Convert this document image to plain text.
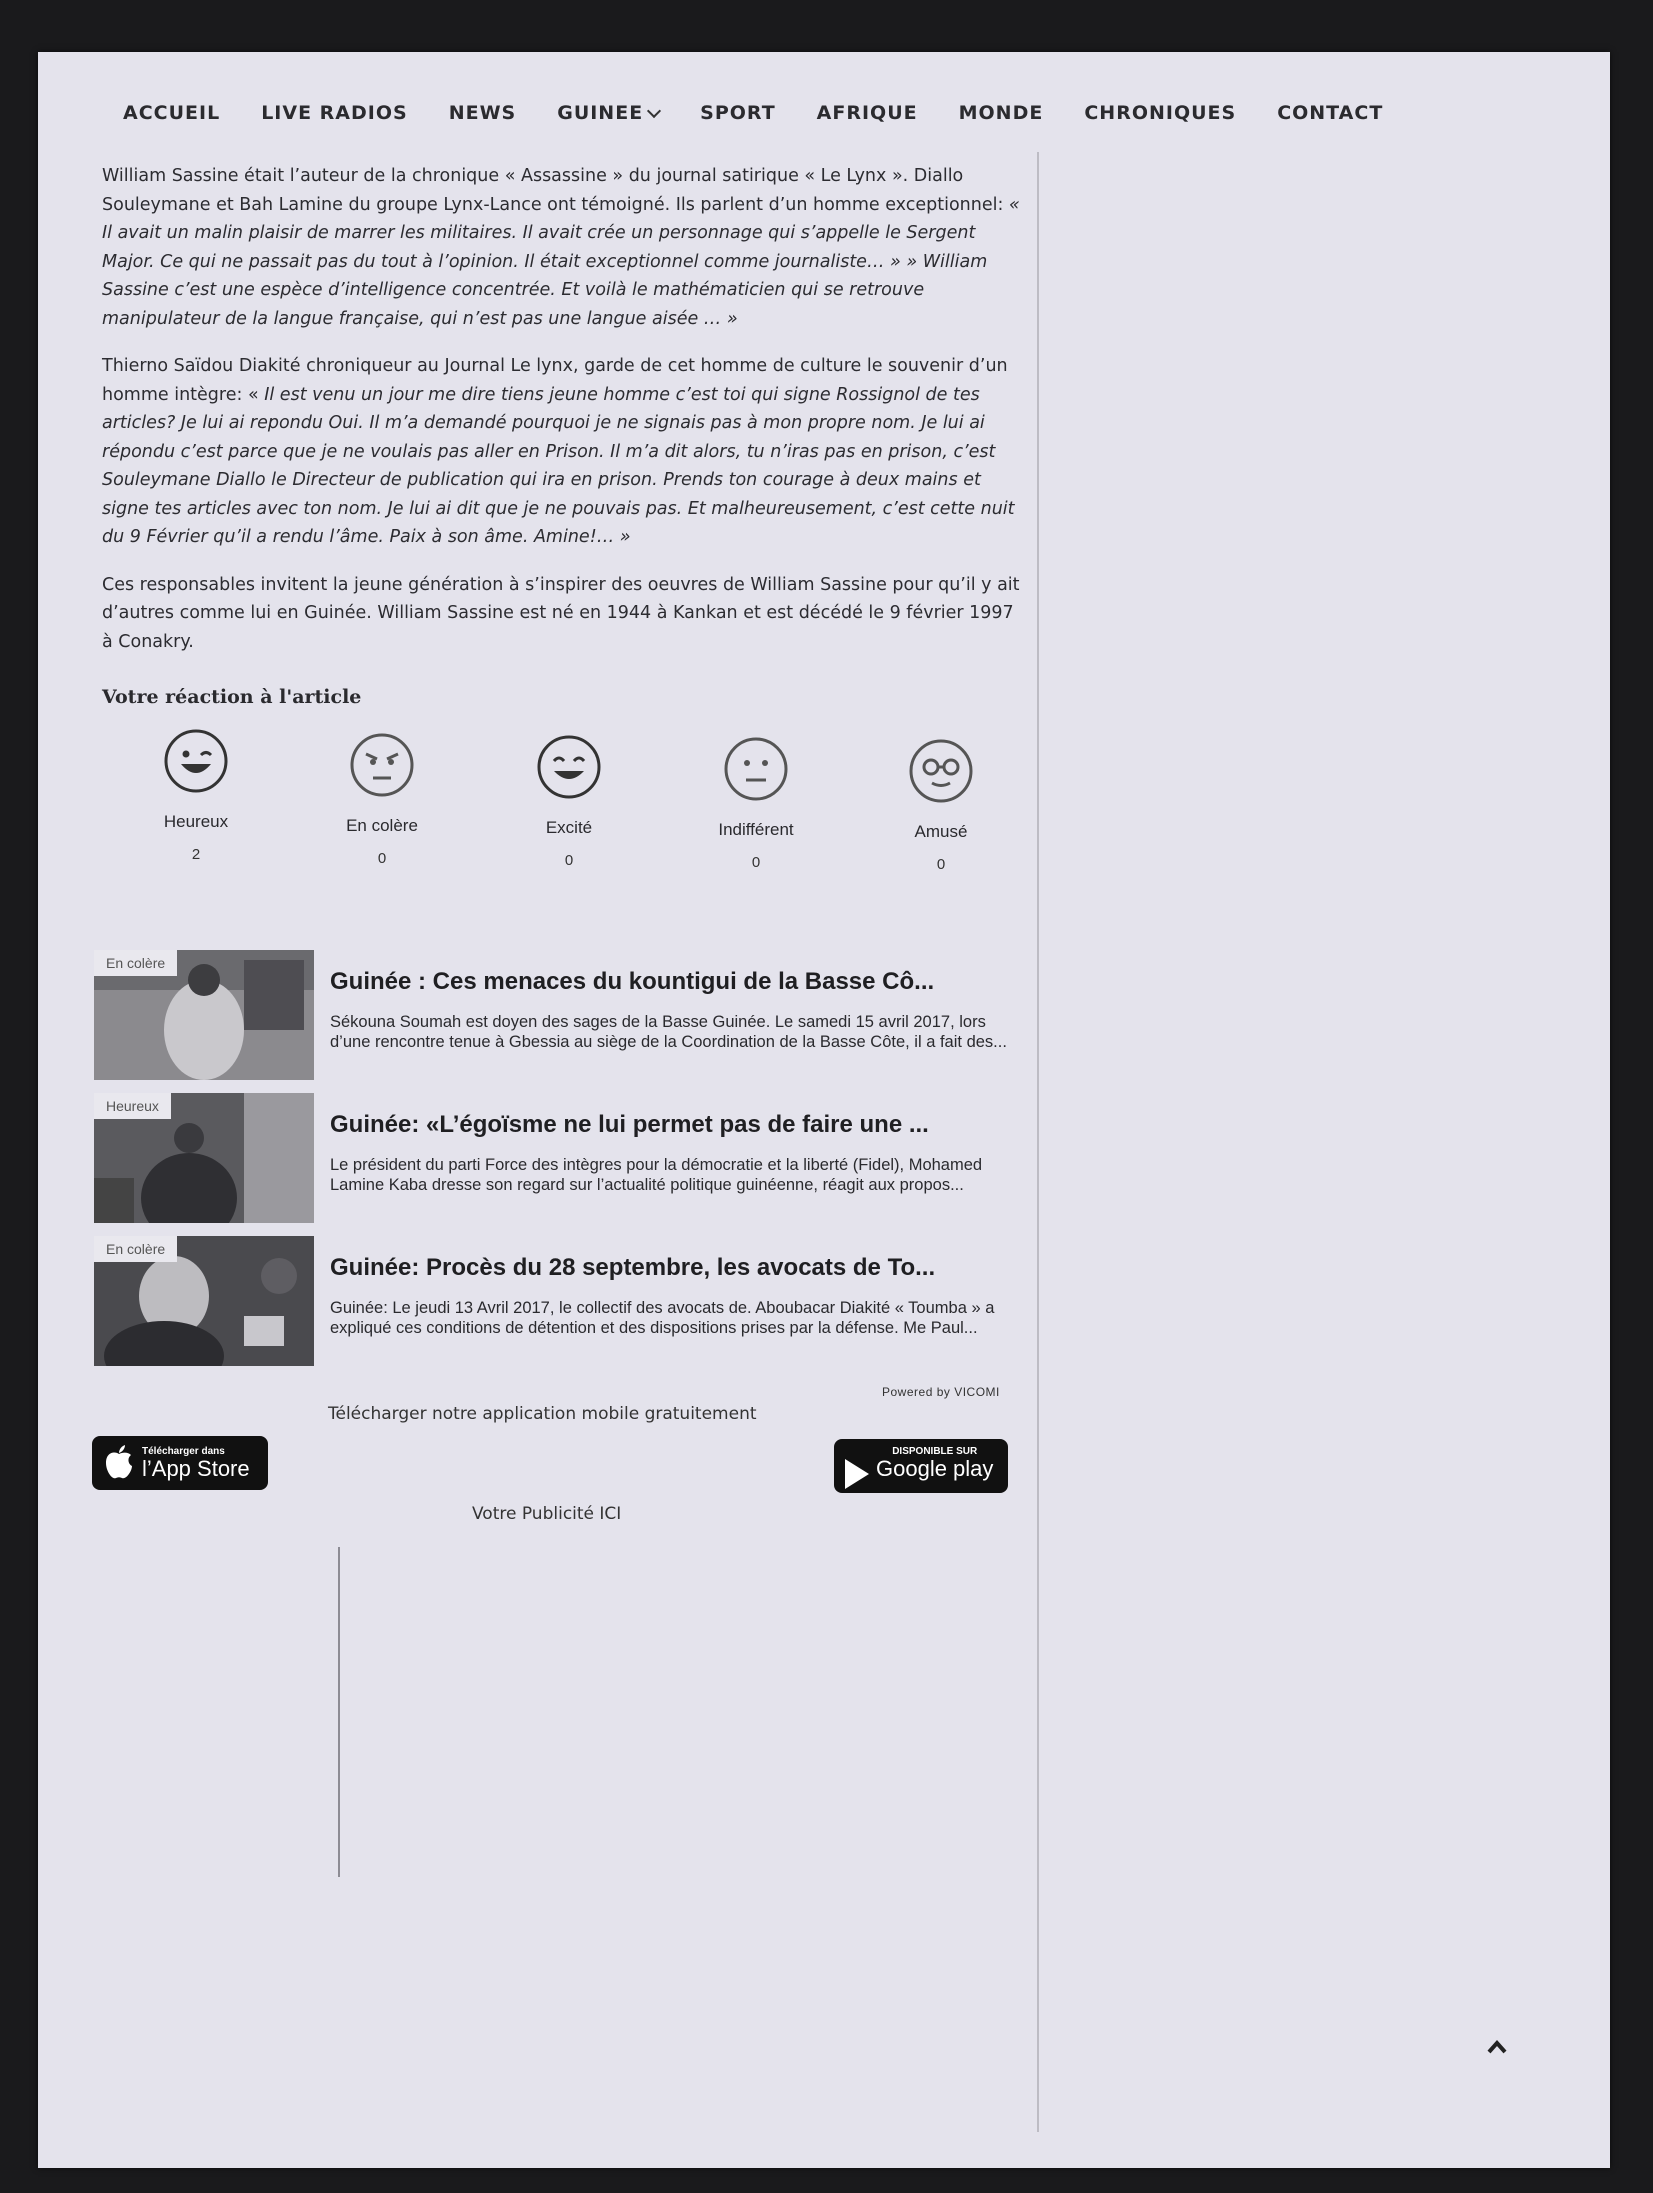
ACCUEIL LIVE RADIOS NEWS GUINEE	SPORT AFRIQUE MONDE CHRONIQUES CONTACT

William Sassine était l’auteur de la chronique « Assassine » du journal satirique « Le Lynx ». Diallo Souleymane et Bah Lamine du groupe Lynx-Lance ont témoigné. Ils parlent d’un homme exceptionnel: « Il avait un malin plaisir de marrer les militaires. Il avait crée un personnage qui s’appelle le Sergent Major. Ce qui ne passait pas du tout à l’opinion. Il était exceptionnel comme journaliste… » » William Sassine c’est une espèce d’intelligence concentrée. Et voilà le mathématicien qui se retrouve manipulateur de la langue française, qui n’est pas une langue aisée … »

Thierno Saïdou Diakité chroniqueur au Journal Le lynx, garde de cet homme de culture le souvenir d’un homme intègre: « Il est venu un jour me dire tiens jeune homme c’est toi qui signe Rossignol de tes articles? Je lui ai repondu Oui. Il m’a demandé pourquoi je ne signais pas à mon propre nom. Je lui ai répondu c’est parce que je ne voulais pas aller en Prison. Il m’a dit alors, tu n’iras pas en prison, c’est Souleymane Diallo le Directeur de publication qui ira en prison. Prends ton courage à deux mains et signe tes articles avec ton nom. Je lui ai dit que je ne pouvais pas. Et malheureusement, c’est cette nuit du 9 Février qu’il a rendu l’âme. Paix à son âme. Amine!… »

Ces responsables invitent la jeune génération à s’inspirer des oeuvres de William Sassine pour qu’il y ait d’autres comme lui en Guinée. William Sassine est né en 1944 à Kankan et est décédé le 9 février 1997 à Conakry.

Votre réaction à l'article
Heureux
2
En colère
0
Excité
0
Indifférent
0
Amusé
0
En colère
Guinée : Ces menaces du kountigui de la Basse Cô...
Sékouna Soumah est doyen des sages de la Basse Guinée. Le samedi 15 avril 2017, lors d’une rencontre tenue à Gbessia au siège de la Coordination de la Basse Côte, il a fait des...
Heureux
Guinée: «L’égoïsme ne lui permet pas de faire une ...
Le président du parti Force des intègres pour la démocratie et la liberté (Fidel), Mohamed Lamine Kaba dresse son regard sur l’actualité politique guinéenne, réagit aux propos...
En colère
Guinée: Procès du 28 septembre, les avocats de To...
Guinée: Le jeudi 13 Avril 2017, le collectif des avocats de. Aboubacar Diakité « Toumba » a expliqué ces conditions de détention et des dispositions prises par la défense. Me Paul...
Powered by VICOMI
Télécharger notre application mobile gratuitement
Télécharger dans
l’App Store
DISPONIBLE SUR
Google play
Votre Publicité ICI
